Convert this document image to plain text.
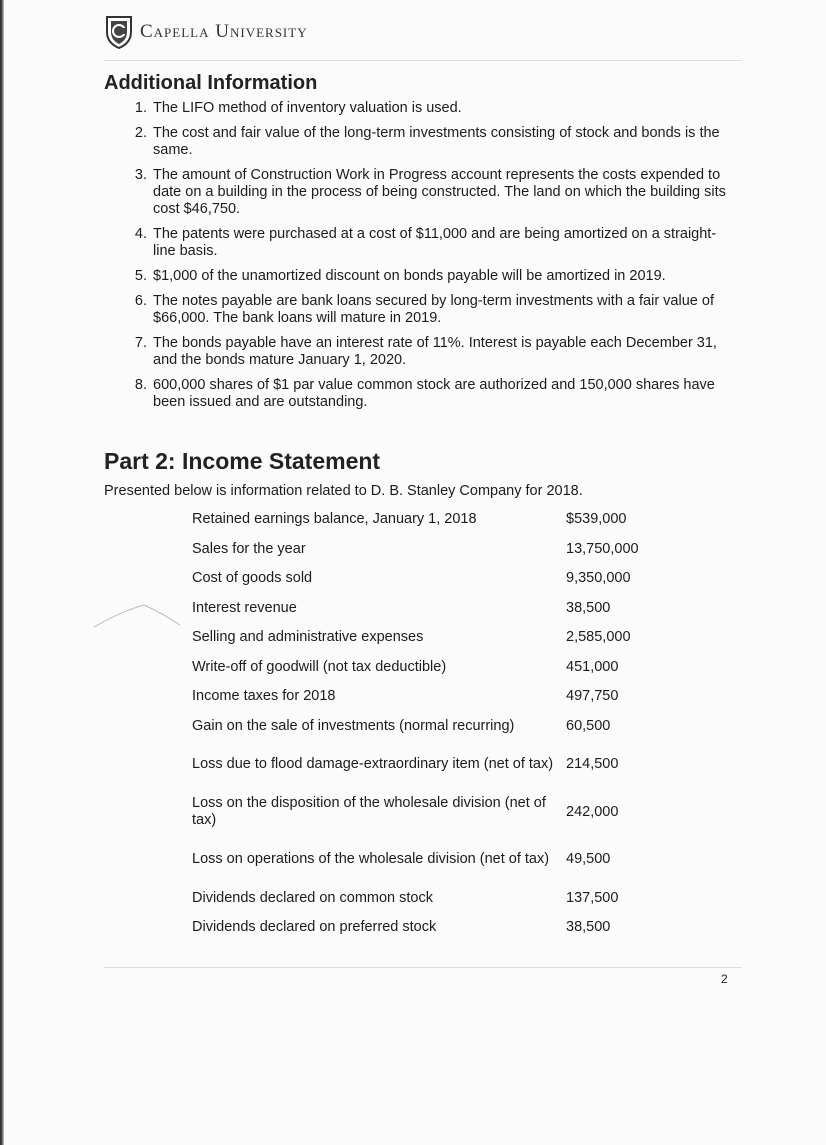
Capella University
Additional Information
1. The LIFO method of inventory valuation is used.
2. The cost and fair value of the long-term investments consisting of stock and bonds is the same.
3. The amount of Construction Work in Progress account represents the costs expended to date on a building in the process of being constructed. The land on which the building sits cost $46,750.
4. The patents were purchased at a cost of $11,000 and are being amortized on a straight-line basis.
5. $1,000 of the unamortized discount on bonds payable will be amortized in 2019.
6. The notes payable are bank loans secured by long-term investments with a fair value of $66,000. The bank loans will mature in 2019.
7. The bonds payable have an interest rate of 11%. Interest is payable each December 31, and the bonds mature January 1, 2020.
8. 600,000 shares of $1 par value common stock are authorized and 150,000 shares have been issued and are outstanding.
Part 2: Income Statement

Presented below is information related to D. B. Stanley Company for 2018.

Retained earnings balance, January 1, 2018	$539,000
Sales for the year	13,750,000
Cost of goods sold	9,350,000
Interest revenue	38,500
Selling and administrative expenses	2,585,000
Write-off of goodwill (not tax deductible)	451,000
Income taxes for 2018	497,750
Gain on the sale of investments (normal recurring)	60,500
Loss due to flood damage-extraordinary item (net of tax)	214,500
Loss on the disposition of the wholesale division (net of tax)	242,000
Loss on operations of the wholesale division (net of tax)	49,500
Dividends declared on common stock	137,500
Dividends declared on preferred stock	38,500
2
